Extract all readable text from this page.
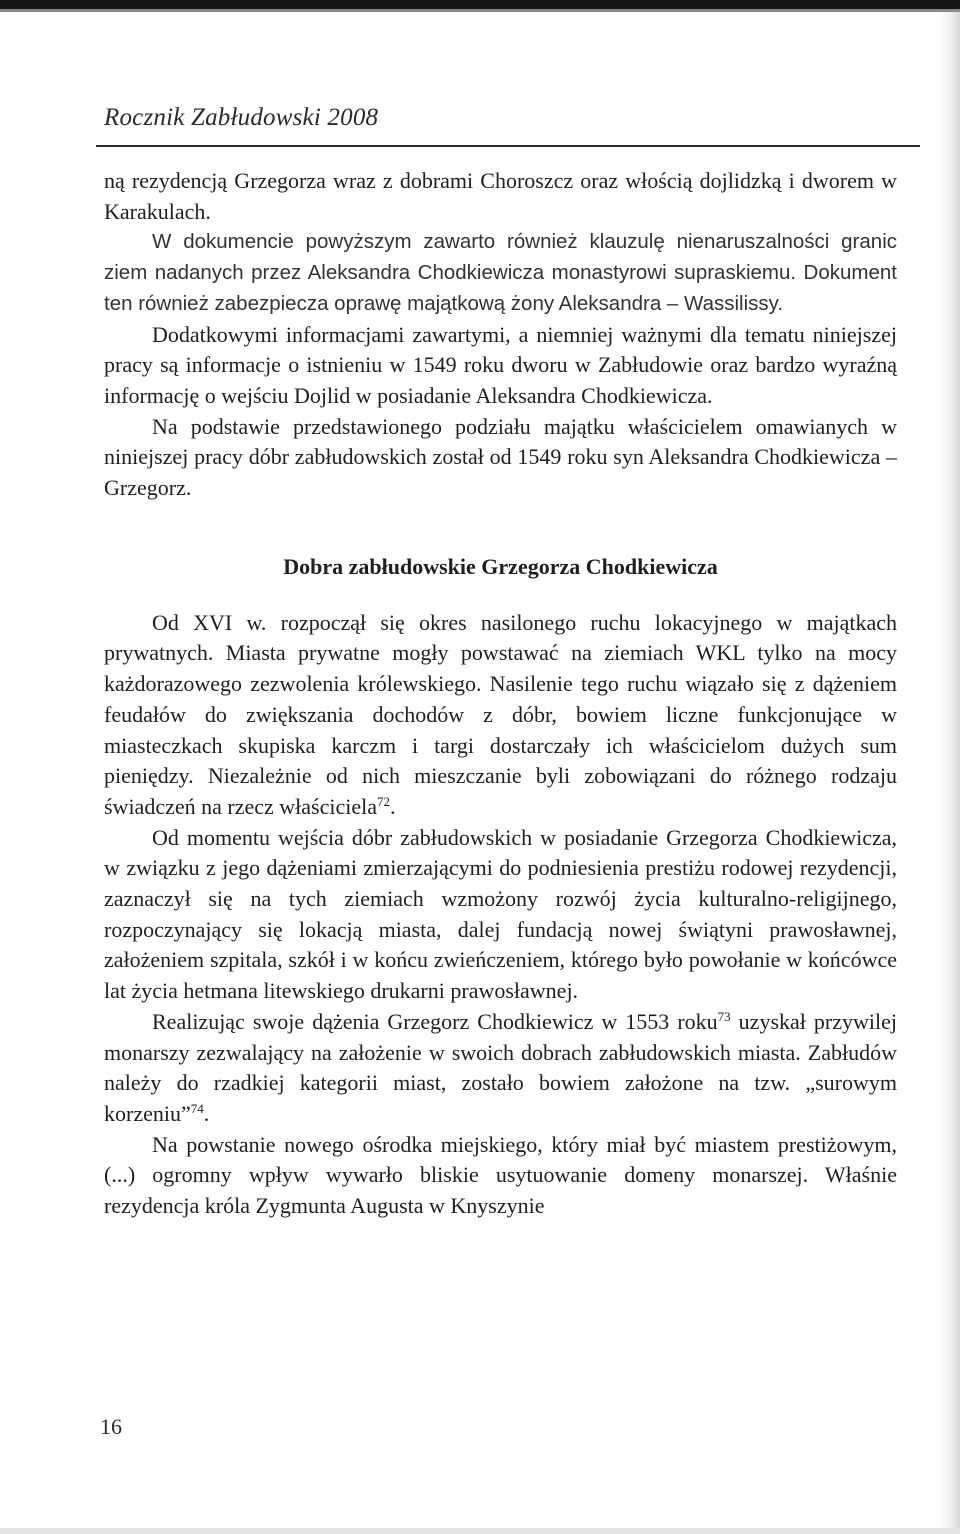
Rocznik Zabłudowski 2008

ną rezydencją Grzegorza wraz z dobrami Choroszcz oraz włością dojlidzką i dworem w Karakulach.

W dokumencie powyższym zawarto również klauzulę nienaruszalności granic ziem nadanych przez Aleksandra Chodkiewicza monastyrowi supraskiemu. Dokument ten również zabezpiecza oprawę majątkową żony Aleksandra – Wassilissy.

Dodatkowymi informacjami zawartymi, a niemniej ważnymi dla tematu niniejszej pracy są informacje o istnieniu w 1549 roku dworu w Zabłudowie oraz bardzo wyraźną informację o wejściu Dojlid w posiadanie Aleksandra Chodkiewicza.

Na podstawie przedstawionego podziału majątku właścicielem omawianych w niniejszej pracy dóbr zabłudowskich został od 1549 roku syn Aleksandra Chodkiewicza – Grzegorz.

Dobra zabłudowskie Grzegorza Chodkiewicza

Od XVI w. rozpoczął się okres nasilonego ruchu lokacyjnego w majątkach prywatnych. Miasta prywatne mogły powstawać na ziemiach WKL tylko na mocy każdorazowego zezwolenia królewskiego. Nasilenie tego ruchu wiązało się z dążeniem feudałów do zwiększania dochodów z dóbr, bowiem liczne funkcjonujące w miasteczkach skupiska karczm i targi dostarczały ich właścicielom dużych sum pieniędzy. Niezależnie od nich mieszczanie byli zobowiązani do różnego rodzaju świadczeń na rzecz właściciela$^{72}$.

Od momentu wejścia dóbr zabłudowskich w posiadanie Grzegorza Chodkiewicza, w związku z jego dążeniami zmierzającymi do podniesienia prestiżu rodowej rezydencji, zaznaczył się na tych ziemiach wzmożony rozwój życia kulturalno-religijnego, rozpoczynający się lokacją miasta, dalej fundacją nowej świątyni prawosławnej, założeniem szpitala, szkół i w końcu zwieńczeniem, którego było powołanie w końcówce lat życia hetmana litewskiego drukarni prawosławnej.

Realizując swoje dążenia Grzegorz Chodkiewicz w 1553 roku$^{73}$ uzyskał przywilej monarszy zezwalający na założenie w swoich dobrach zabłudowskich miasta. Zabłudów należy do rzadkiej kategorii miast, zostało bowiem założone na tzw. „surowym korzeniu”$^{74}$.

Na powstanie nowego ośrodka miejskiego, który miał być miastem prestiżowym, (...) ogromny wpływ wywarło bliskie usytuowanie domeny monarszej. Właśnie rezydencja króla Zygmunta Augusta w Knyszynie

16
